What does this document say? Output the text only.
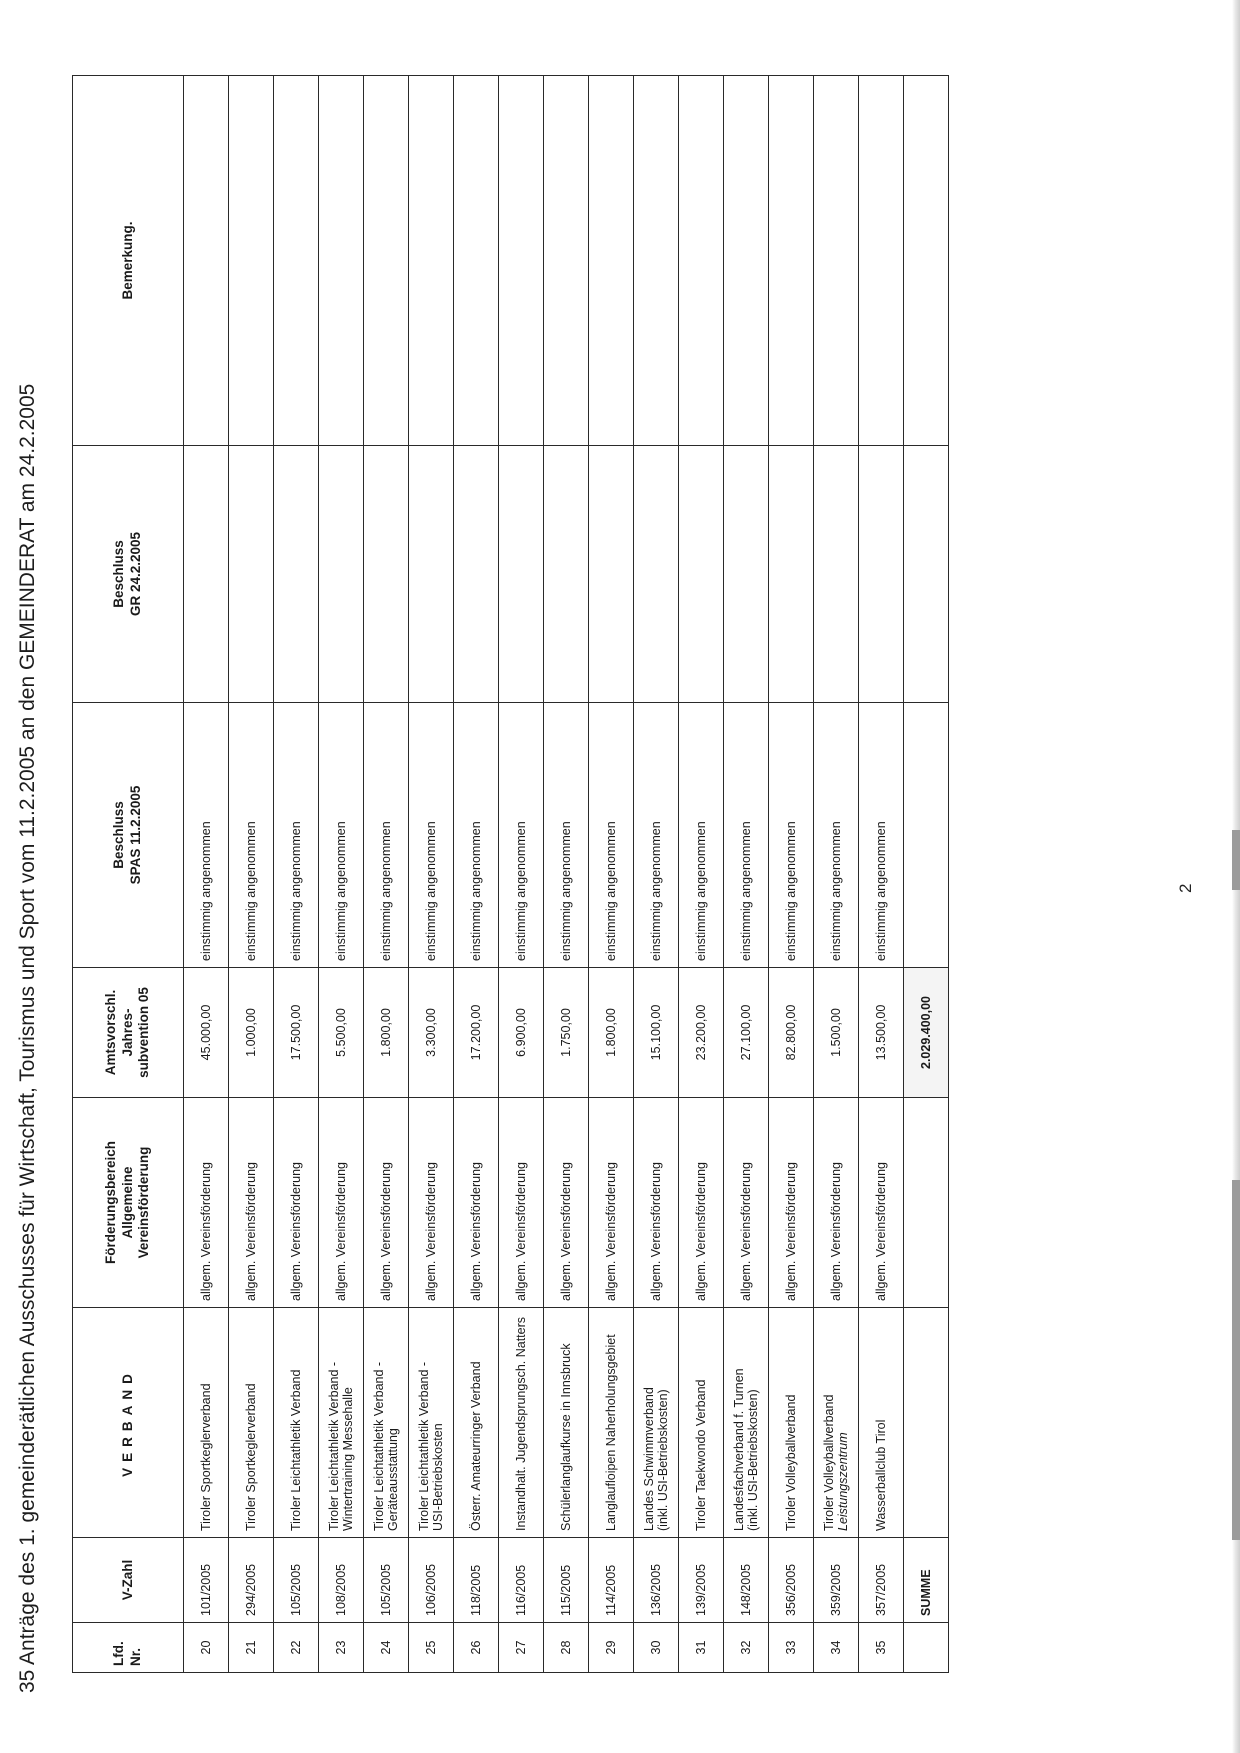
35 Anträge des 1. gemeinderätlichen Ausschusses für Wirtschaft, Tourismus und Sport vom 11.2.2005 an den GEMEINDERAT am 24.2.2005	Lfd. Nr.	V-Zahl	VERBAND	Förderungsbereich Allgemeine Vereinsförderung	Amtsvorschl. Jahres- subvention 05	Beschluss SPAS 11.2.2005	Beschluss GR 24.2.2005	Bemerkung.
20	101/2005	Tiroler Sportkeglerverband	allgem. Vereinsförderung	45.000,00	einstimmig angenommen		
21	294/2005	Tiroler Sportkeglerverband	allgem. Vereinsförderung	1.000,00	einstimmig angenommen		
22	105/2005	Tiroler Leichtathletik Verband	allgem. Vereinsförderung	17.500,00	einstimmig angenommen		
23	108/2005	Tiroler Leichtathletik Verband - Wintertraining Messehalle	allgem. Vereinsförderung	5.500,00	einstimmig angenommen		
24	105/2005	Tiroler Leichtathletik Verband - Geräteausstattung	allgem. Vereinsförderung	1.800,00	einstimmig angenommen		
25	106/2005	Tiroler Leichtathletik Verband - USI-Betriebskosten	allgem. Vereinsförderung	3.300,00	einstimmig angenommen		
26	118/2005	Österr. Amateurringer Verband	allgem. Vereinsförderung	17.200,00	einstimmig angenommen		
27	116/2005	Instandhalt. Jugendsprungsch. Natters	allgem. Vereinsförderung	6.900,00	einstimmig angenommen		
28	115/2005	Schülerlanglaufkurse in Innsbruck	allgem. Vereinsförderung	1.750,00	einstimmig angenommen		
29	114/2005	Langlaufloipen Naherholungsgebiet	allgem. Vereinsförderung	1.800,00	einstimmig angenommen		
30	136/2005	Landes Schwimmverband (inkl. USI-Betriebskosten)	allgem. Vereinsförderung	15.100,00	einstimmig angenommen		
31	139/2005	Tiroler Taekwondo Verband	allgem. Vereinsförderung	23.200,00	einstimmig angenommen		
32	148/2005	Landesfachverband f. Turnen (inkl. USI-Betriebskosten)	allgem. Vereinsförderung	27.100,00	einstimmig angenommen		
33	356/2005	Tiroler Volleyballverband	allgem. Vereinsförderung	82.800,00	einstimmig angenommen		
34	359/2005	Tiroler Volleyballverband Leistungszentrum	allgem. Vereinsförderung	1.500,00	einstimmig angenommen		
35	357/2005	Wasserballclub Tirol	allgem. Vereinsförderung	13.500,00	einstimmig angenommen		
	SUMME			2.029.400,00			
2
